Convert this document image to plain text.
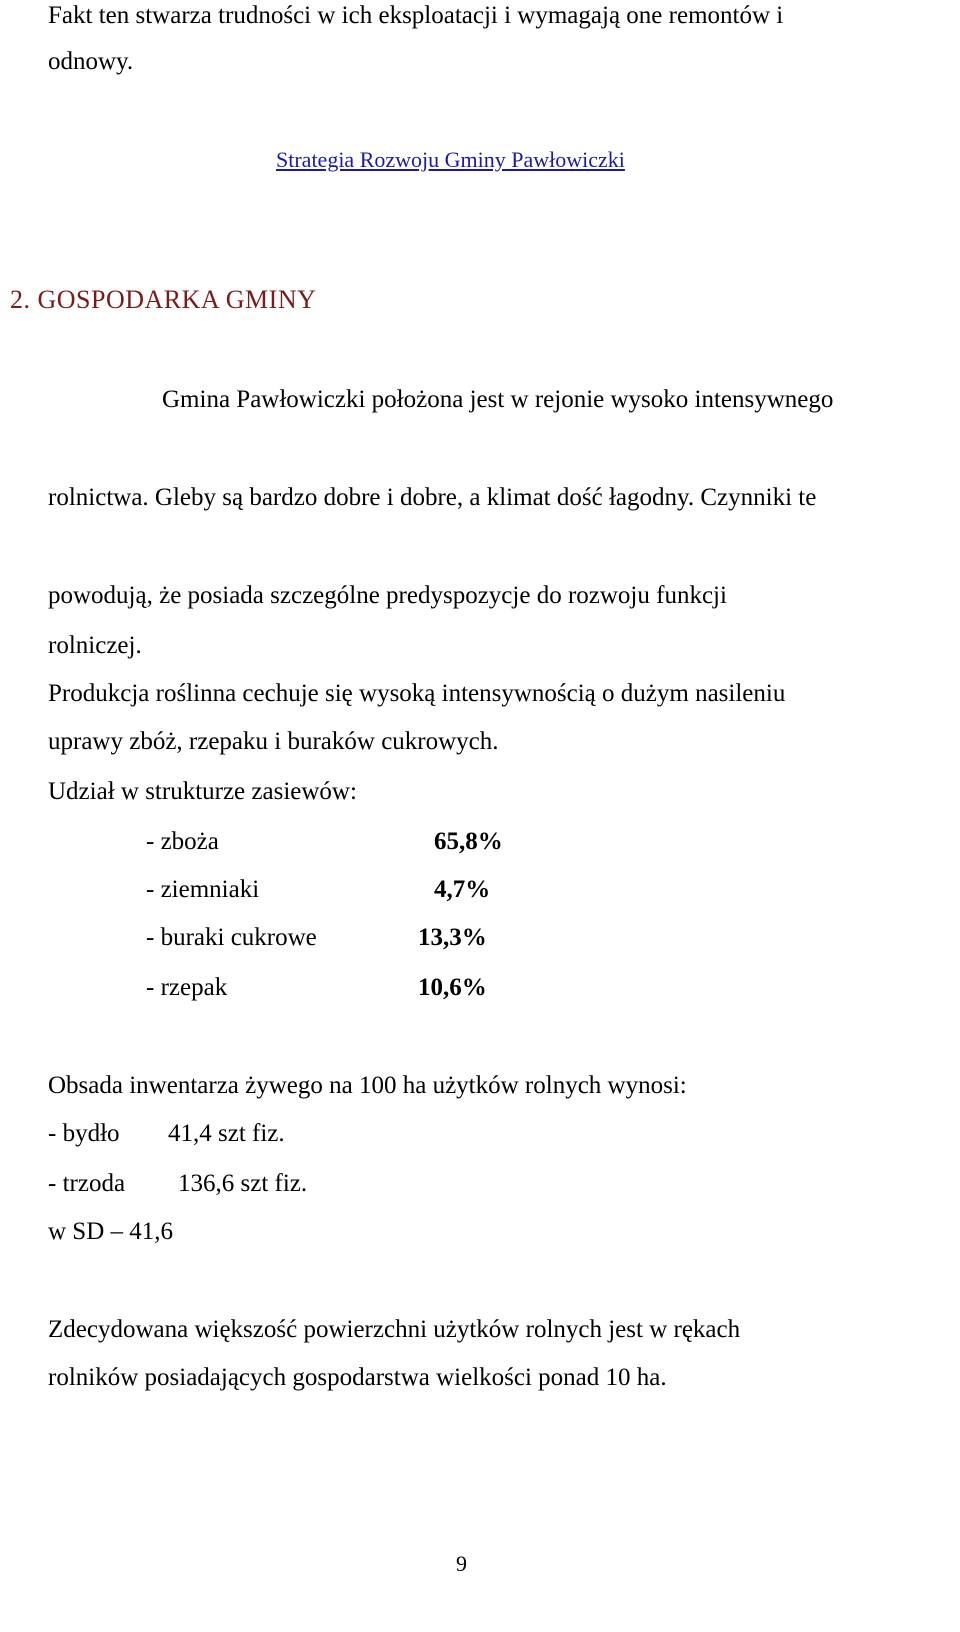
Fakt ten stwarza trudności w ich eksploatacji i wymagają one remontów i
odnowy.
Strategia Rozwoju Gminy Pawłowiczki
2. GOSPODARKA GMINY
Gmina Pawłowiczki położona jest w rejonie wysoko intensywnego
rolnictwa. Gleby są bardzo dobre i dobre, a klimat dość łagodny. Czynniki te
powodują, że posiada szczególne predyspozycje do rozwoju funkcji
rolniczej.
Produkcja roślinna cechuje się wysoką intensywnością o dużym nasileniu
uprawy zbóż, rzepaku i buraków cukrowych.
Udział w strukturze zasiewów:
- zboża	65,8%
- ziemniaki	4,7%
- buraki cukrowe	13,3%
- rzepak	10,6%
Obsada inwentarza żywego na 100 ha użytków rolnych wynosi:
- bydło 41,4 szt fiz.
- trzoda 136,6 szt fiz.
w SD – 41,6
Zdecydowana większość powierzchni użytków rolnych jest w rękach
rolników posiadających gospodarstwa wielkości ponad 10 ha.
9
